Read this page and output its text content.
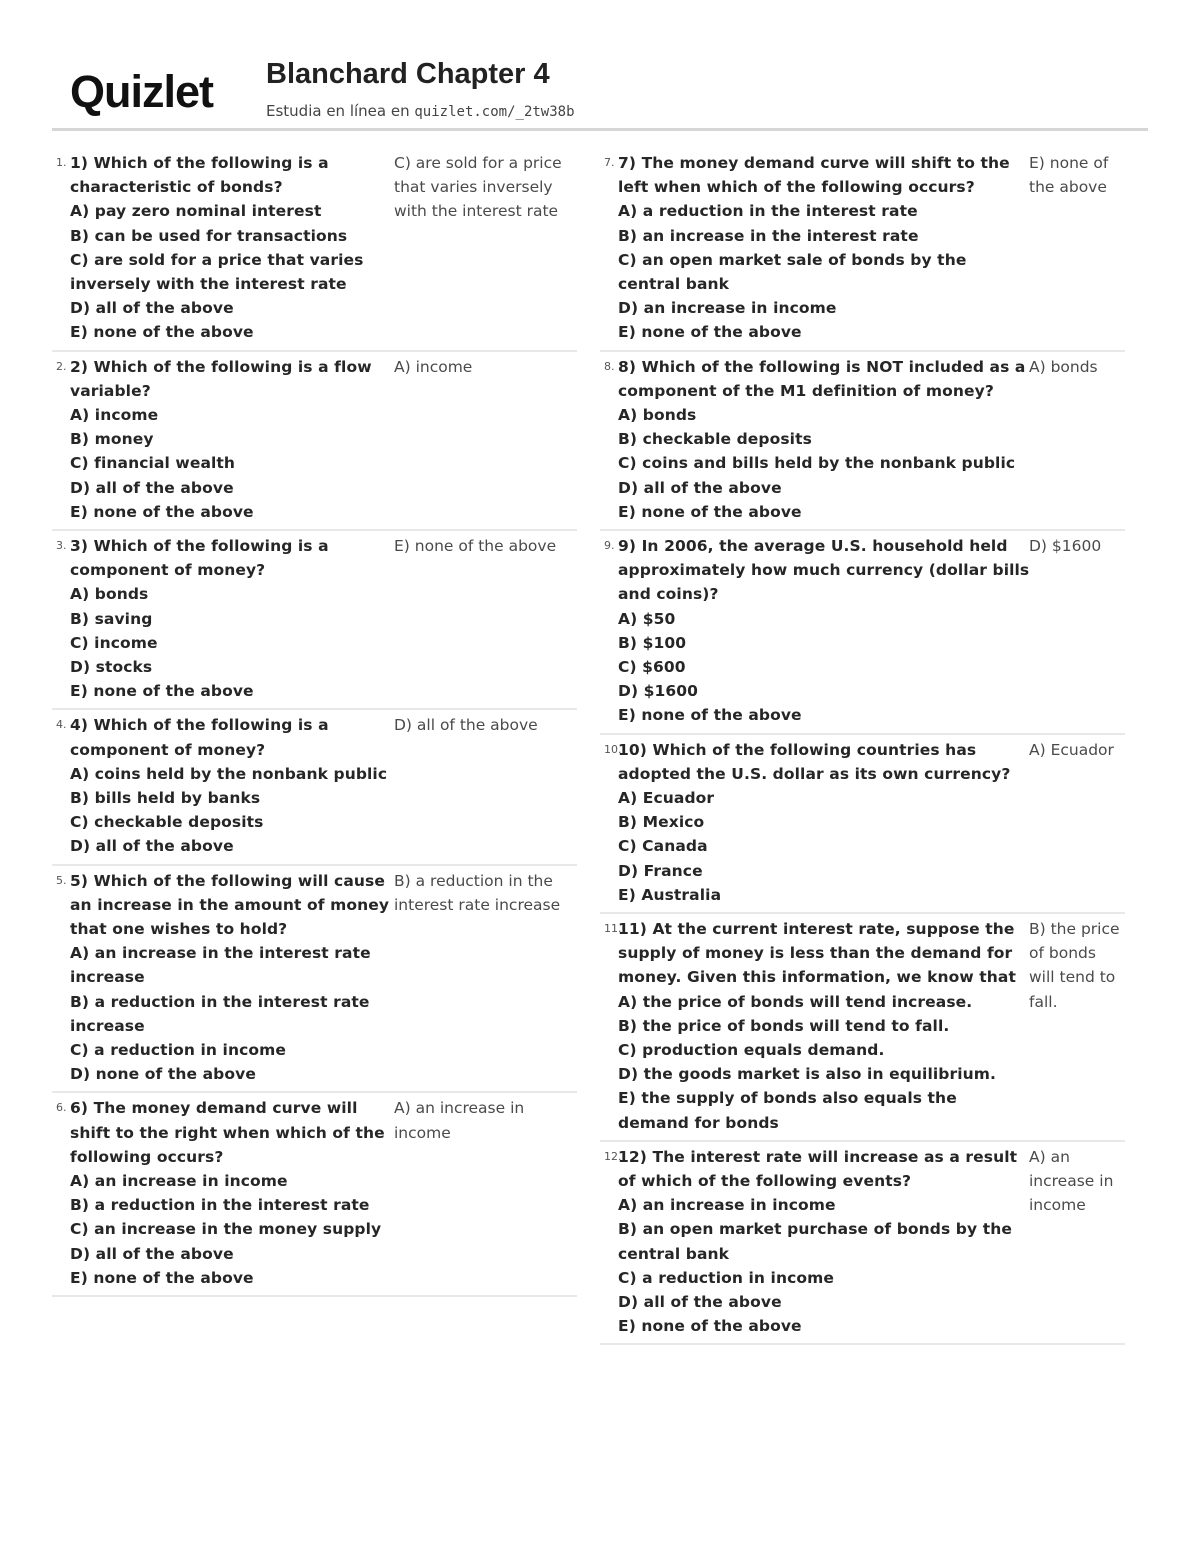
Quizlet Blanchard Chapter 4
Estudia en línea en quizlet.com/_2tw38b
1. 1) Which of the following is a
characteristic of bonds?
A) pay zero nominal interest
B) can be used for transactions
C) are sold for a price that varies
inversely with the interest rate
D) all of the above
E) none of the above
C) are sold for a price
that varies inversely
with the interest rate
2. 2) Which of the following is a flow
variable?
A) income
B) money
C) financial wealth
D) all of the above
E) none of the above
A) income
3. 3) Which of the following is a
component of money?
A) bonds
B) saving
C) income
D) stocks
E) none of the above
E) none of the above
4. 4) Which of the following is a
component of money?
A) coins held by the nonbank public
B) bills held by banks
C) checkable deposits
D) all of the above
D) all of the above
5. 5) Which of the following will cause
an increase in the amount of money
that one wishes to hold?
A) an increase in the interest rate
increase
B) a reduction in the interest rate
increase
C) a reduction in income
D) none of the above
B) a reduction in the
interest rate increase
6. 6) The money demand curve will
shift to the right when which of the
following occurs?
A) an increase in income
B) a reduction in the interest rate
C) an increase in the money supply
D) all of the above
E) none of the above
A) an increase in
income
7. 7) The money demand curve will shift to the
left when which of the following occurs?
A) a reduction in the interest rate
B) an increase in the interest rate
C) an open market sale of bonds by the
central bank
D) an increase in income
E) none of the above
E) none of
the above
8. 8) Which of the following is NOT included as a
component of the M1 definition of money?
A) bonds
B) checkable deposits
C) coins and bills held by the nonbank public
D) all of the above
E) none of the above
A) bonds
9. 9) In 2006, the average U.S. household held
approximately how much currency (dollar bills
and coins)?
A) $50
B) $100
C) $600
D) $1600
E) none of the above
D) $1600
10.
10) Which of the following countries has
adopted the U.S. dollar as its own currency?
A) Ecuador
B) Mexico
C) Canada
D) France
E) Australia
A) Ecuador
11.
11) At the current interest rate, suppose the
supply of money is less than the demand for
money. Given this information, we know that
A) the price of bonds will tend increase.
B) the price of bonds will tend to fall.
C) production equals demand.
D) the goods market is also in equilibrium.
E) the supply of bonds also equals the
demand for bonds
B) the price
of bonds
will tend to
fall.
12.
12) The interest rate will increase as a result
of which of the following events?
A) an increase in income
B) an open market purchase of bonds by the
central bank
C) a reduction in income
D) all of the above
E) none of the above
A) an
increase in
income
